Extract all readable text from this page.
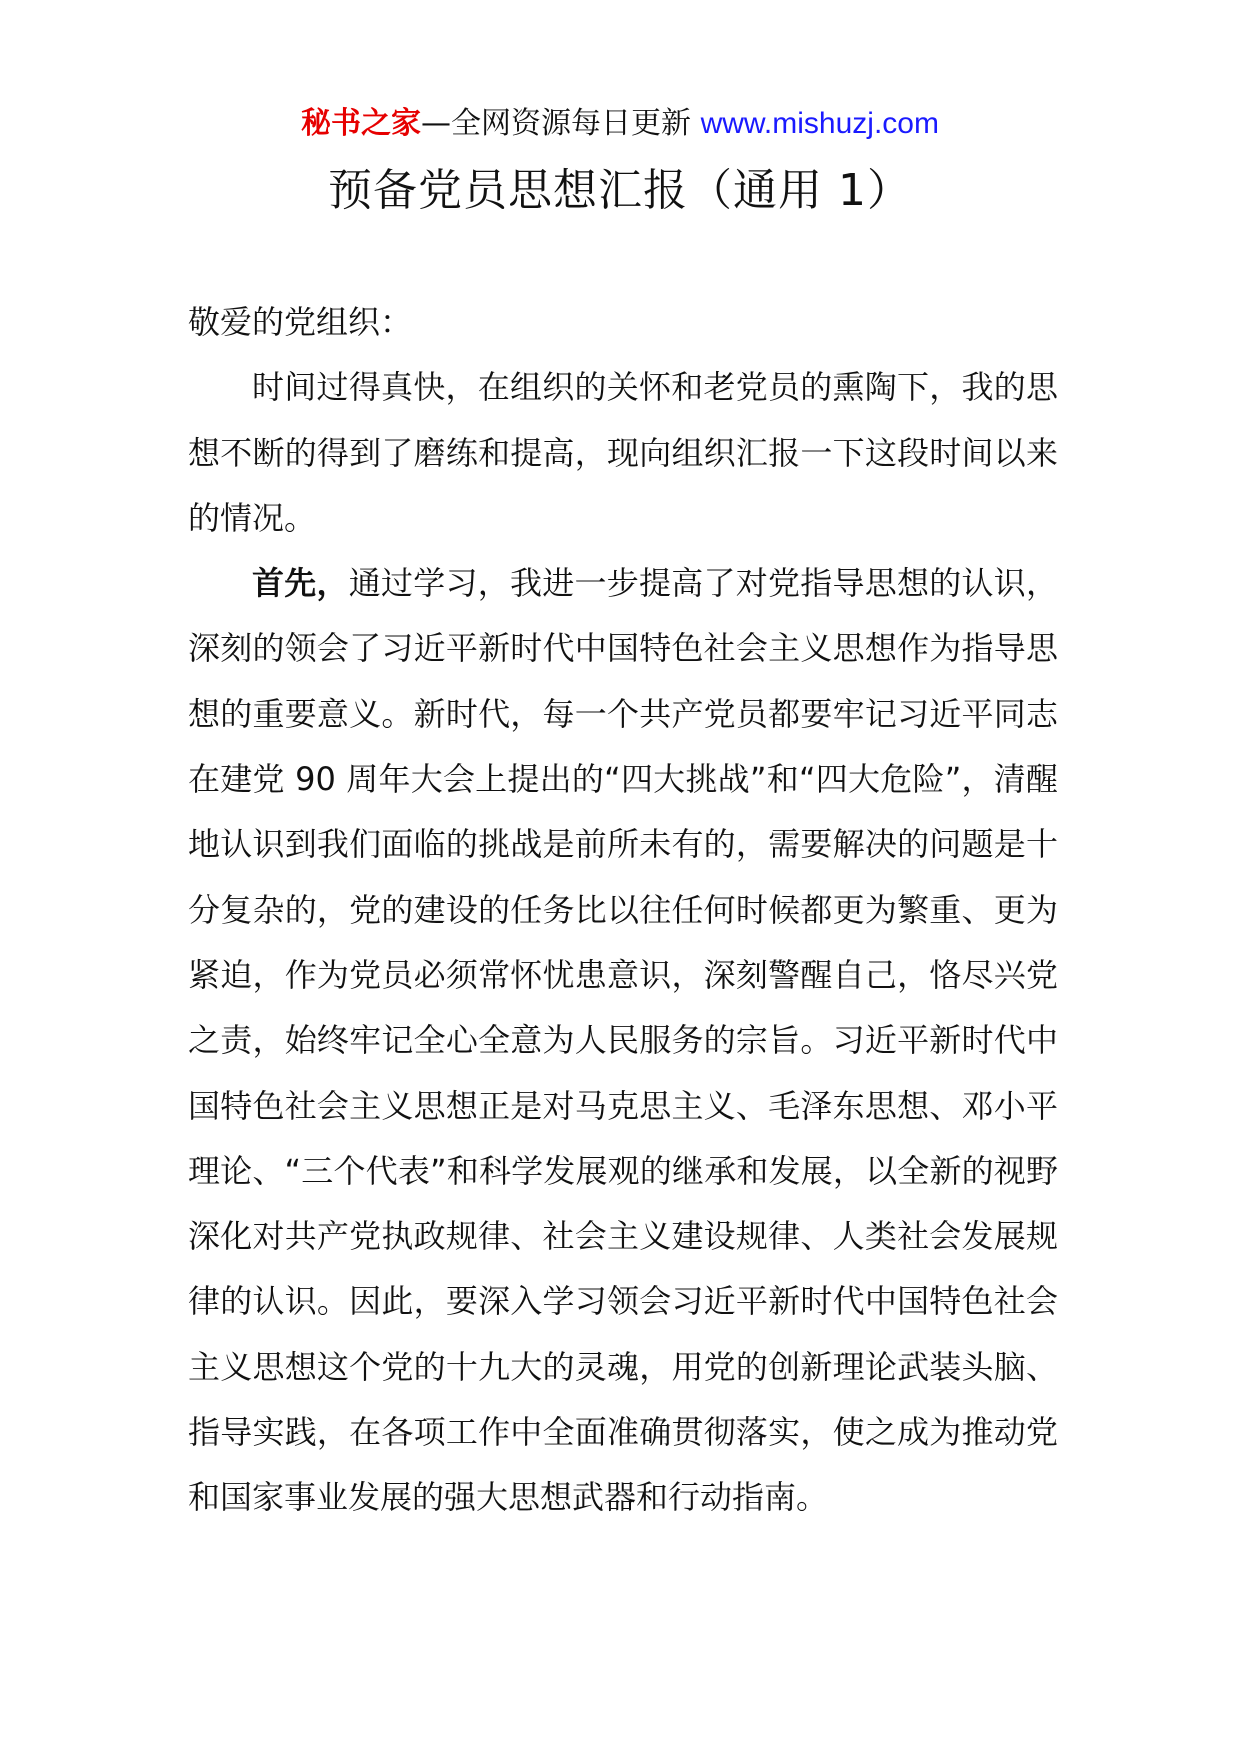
秘书之家—全网资源每日更新 www.mishuzj.com
预备党员思想汇报（通用 1）

敬爱的党组织：

时间过得真快，在组织的关怀和老党员的熏陶下，我的思想不断的得到了磨练和提高，现向组织汇报一下这段时间以来的情况。

首先，通过学习，我进一步提高了对党指导思想的认识，深刻的领会了习近平新时代中国特色社会主义思想作为指导思想的重要意义。新时代，每一个共产党员都要牢记习近平同志在建党 90 周年大会上提出的“四大挑战”和“四大危险”，清醒地认识到我们面临的挑战是前所未有的，需要解决的问题是十分复杂的，党的建设的任务比以往任何时候都更为繁重、更为紧迫，作为党员必须常怀忧患意识，深刻警醒自己，恪尽兴党之责，始终牢记全心全意为人民服务的宗旨。习近平新时代中国特色社会主义思想正是对马克思主义、毛泽东思想、邓小平理论、“三个代表”和科学发展观的继承和发展，以全新的视野深化对共产党执政规律、社会主义建设规律、人类社会发展规律的认识。因此，要深入学习领会习近平新时代中国特色社会主义思想这个党的十九大的灵魂，用党的创新理论武装头脑、指导实践，在各项工作中全面准确贯彻落实，使之成为推动党和国家事业发展的强大思想武器和行动指南。
